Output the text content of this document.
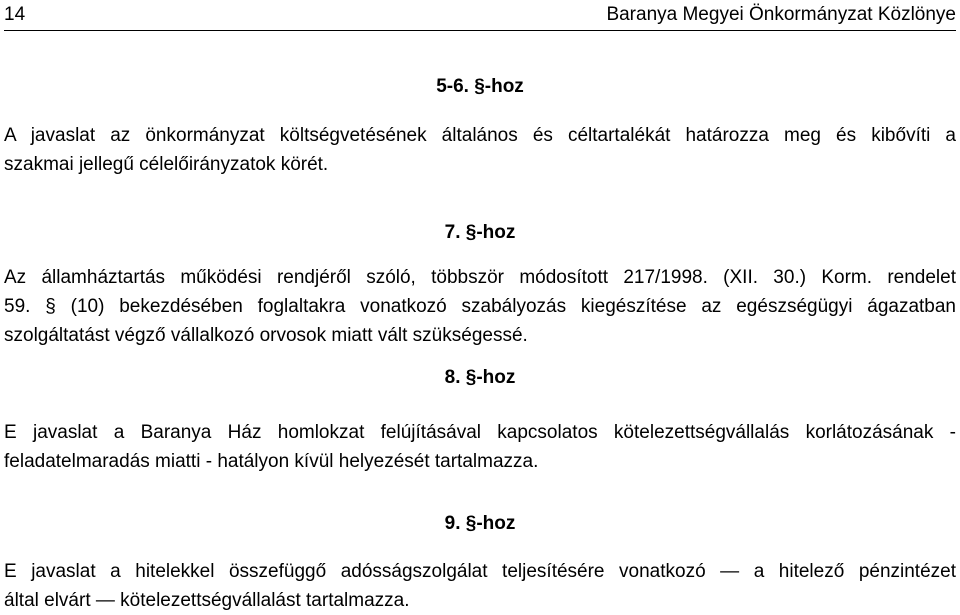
14	Baranya Megyei Önkormányzat Közlönye
5-6. §-hoz
A javaslat az önkormányzat költségvetésének általános és céltartalékát határozza meg és kibővíti a
szakmai jellegű célelőirányzatok körét.
7. §-hoz
Az államháztartás működési rendjéről szóló, többször módosított 217/1998. (XII. 30.) Korm. rendelet
59. § (10) bekezdésében foglaltakra vonatkozó szabályozás kiegészítése az egészségügyi ágazatban
szolgáltatást végző vállalkozó orvosok miatt vált szükségessé.
8. §-hoz
E javaslat a Baranya Ház homlokzat felújításával kapcsolatos kötelezettségvállalás korlátozásának -
feladatelmaradás miatti - hatályon kívül helyezését tartalmazza.
9. §-hoz
E javaslat a hitelekkel összefüggő adósságszolgálat teljesítésére vonatkozó — a hitelező pénzintézet
által elvárt — kötelezettségvállalást tartalmazza.
